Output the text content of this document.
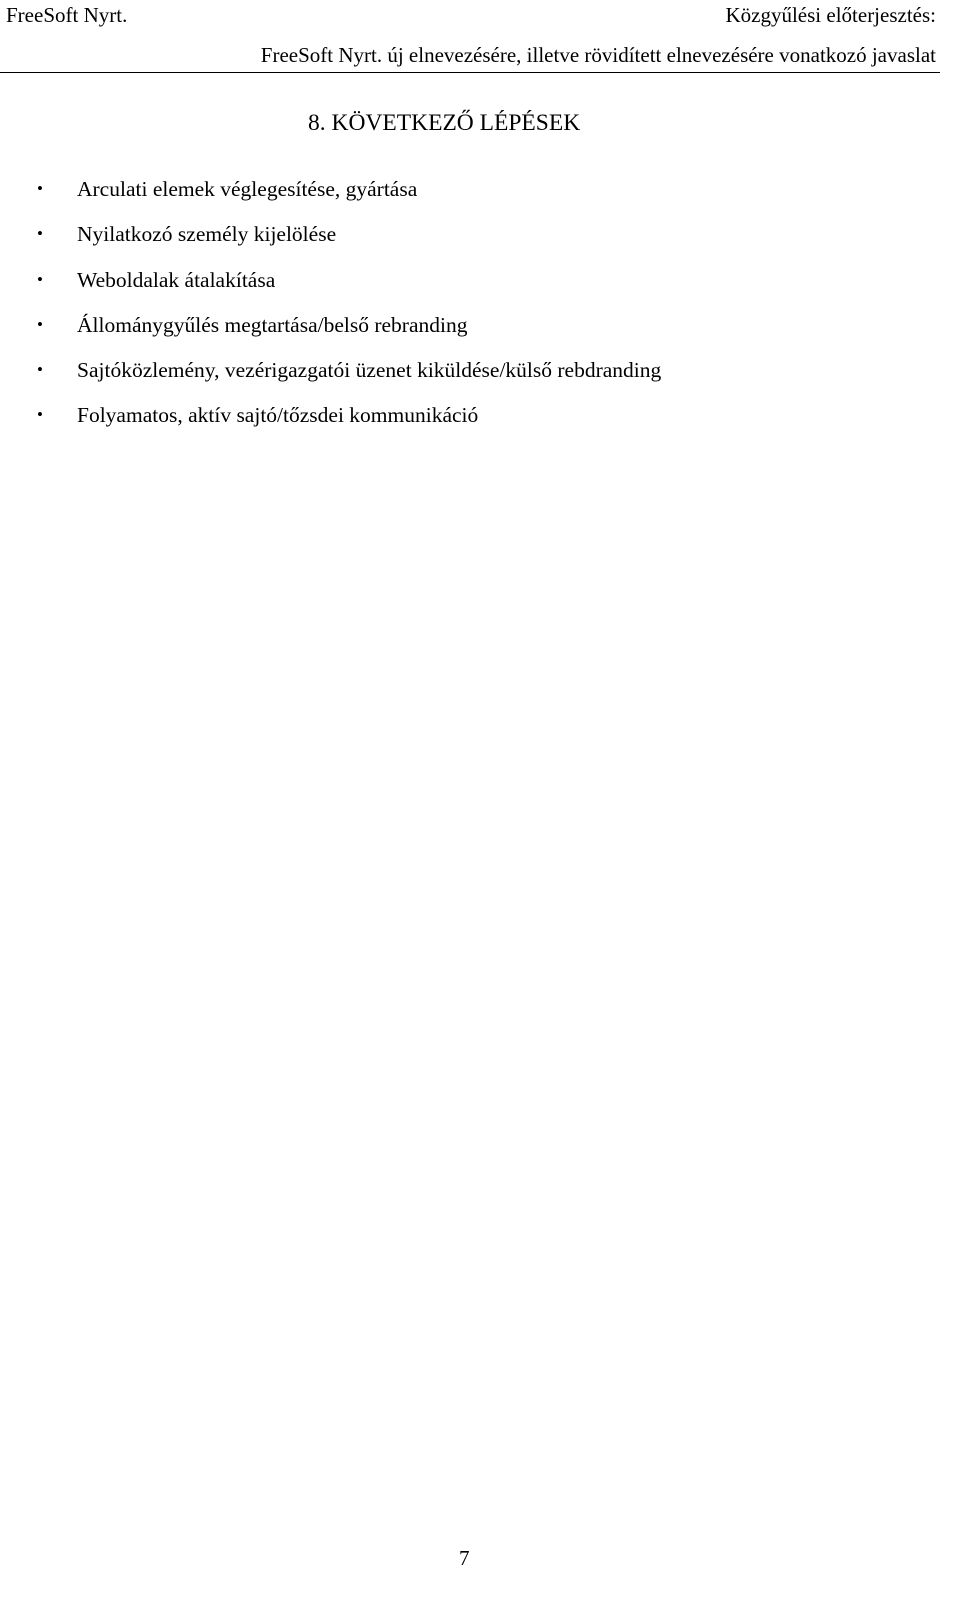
FreeSoft Nyrt.	Közgyűlési előterjesztés:
FreeSoft Nyrt. új elnevezésére, illetve rövidített elnevezésére vonatkozó javaslat
8. KÖVETKEZŐ LÉPÉSEK
• Arculati elemek véglegesítése, gyártása
• Nyilatkozó személy kijelölése
• Weboldalak átalakítása
• Állománygyűlés megtartása/belső rebranding
• Sajtóközlemény, vezérigazgatói üzenet kiküldése/külső rebdranding
• Folyamatos, aktív sajtó/tőzsdei kommunikáció
7
